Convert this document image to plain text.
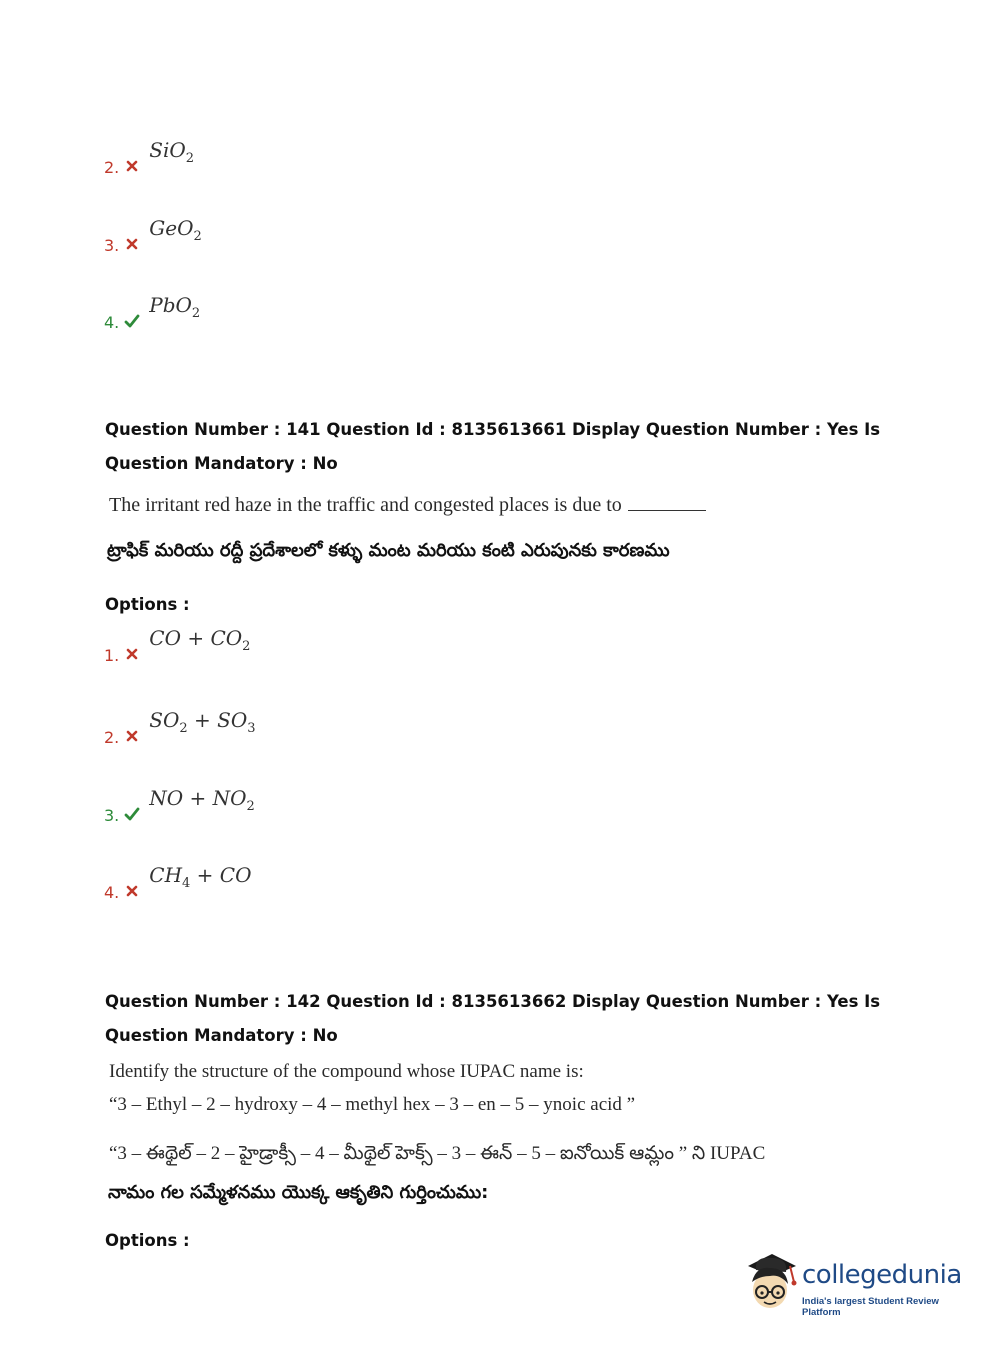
2.
SiO$_2$
3.
GeO$_2$
4.
PbO$_2$
Question Number : 141 Question Id : 8135613661 Display Question Number : Yes Is Question Mandatory : No
The irritant red haze in the traffic and congested places is due to
ట్రాఫిక్ మరియు రద్దీ ప్రదేశాలలో కళ్ళు మంట మరియు కంటి ఎరుపునకు కారణము
Options :
1.
CO + $CO_2$
2.
$SO_2 + SO_3$
3.
NO + $NO_2$
4.
$CH_4$ + CO
Question Number : 142 Question Id : 8135613662 Display Question Number : Yes Is Question Mandatory : No
Identify the structure of the compound whose IUPAC name is:
“3 – Ethyl – 2 – hydroxy – 4 – methyl hex – 3 – en – 5 – ynoic acid ”
“3 – ఈథైల్ – 2 – హైడ్రాక్సీ – 4 – మీథైల్ హెక్స్ – 3 – ఈన్ – 5 – ఐనోయిక్ ఆమ్లం ” ని IUPAC
నామం గల సమ్మేళనము యొక్క ఆకృతిని గుర్తించుము:
Options :
collegedunia
India's largest Student Review Platform
